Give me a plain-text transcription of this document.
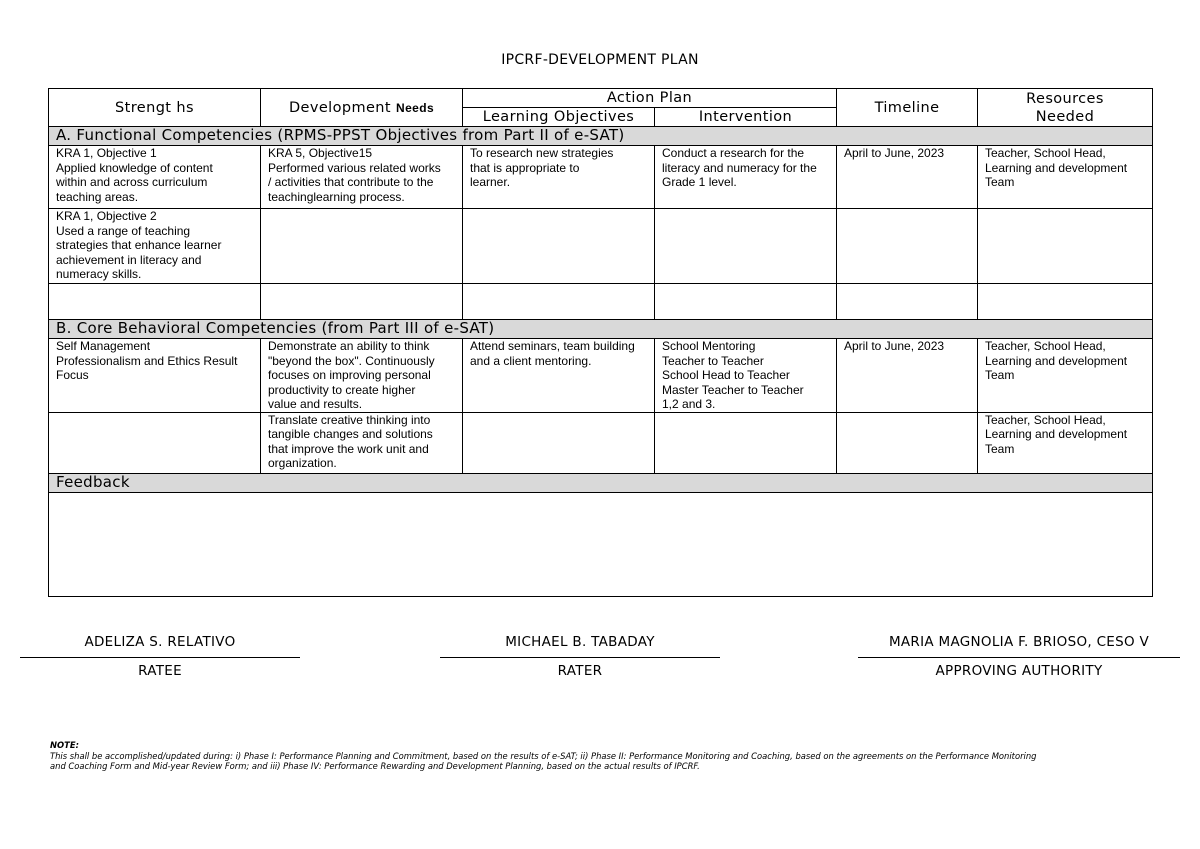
IPCRF-DEVELOPMENT PLAN
Strengt hs	Development Needs	Action Plan		Timeline	Resources
Needed

		Learning Objectives	Intervention		
A. Functional Competencies (RPMS-PPST Objectives from Part II of e-SAT)					

KRA 1, Objective 1
Applied knowledge of content
within and across curriculum
teaching areas.	KRA 5, Objective15
Performed various related works
/ activities that contribute to the
teachinglearning process.	To research new strategies
that is appropriate to
learner.	Conduct a research for the
literacy and numeracy for the
Grade 1 level.	April to June, 2023	Teacher, School Head,
Learning and development
Team

KRA 1, Objective 2
Used a range of teaching
strategies that enhance learner
achievement in literacy and
numeracy skills.					

B. Core Behavioral Competencies (from Part III of e-SAT)					

Self Management
Professionalism and Ethics Result
Focus	Demonstrate an ability to think
"beyond the box". Continuously
focuses on improving personal
productivity to create higher
value and results.	Attend seminars, team building
and a client mentoring.	School Mentoring
Teacher to Teacher
School Head to Teacher
Master Teacher to Teacher
1,2 and 3.	April to June, 2023	Teacher, School Head,
Learning and development
Team

	Translate creative thinking into
tangible changes and solutions
that improve the work unit and
organization.				Teacher, School Head,
Learning and development
Team

Feedback					

ADELIZA S. RELATIVO
RATEE
MICHAEL B. TABADAY
RATER
MARIA MAGNOLIA F. BRIOSO, CESO V
APPROVING AUTHORITY
NOTE:
This shall be accomplished/updated during: i) Phase I: Performance Planning and Commitment, based on the results of e-SAT; ii) Phase II: Performance Monitoring and Coaching, based on the agreements on the Performance Monitoring
and Coaching Form and Mid-year Review Form; and iii) Phase IV: Performance Rewarding and Development Planning, based on the actual results of IPCRF.
